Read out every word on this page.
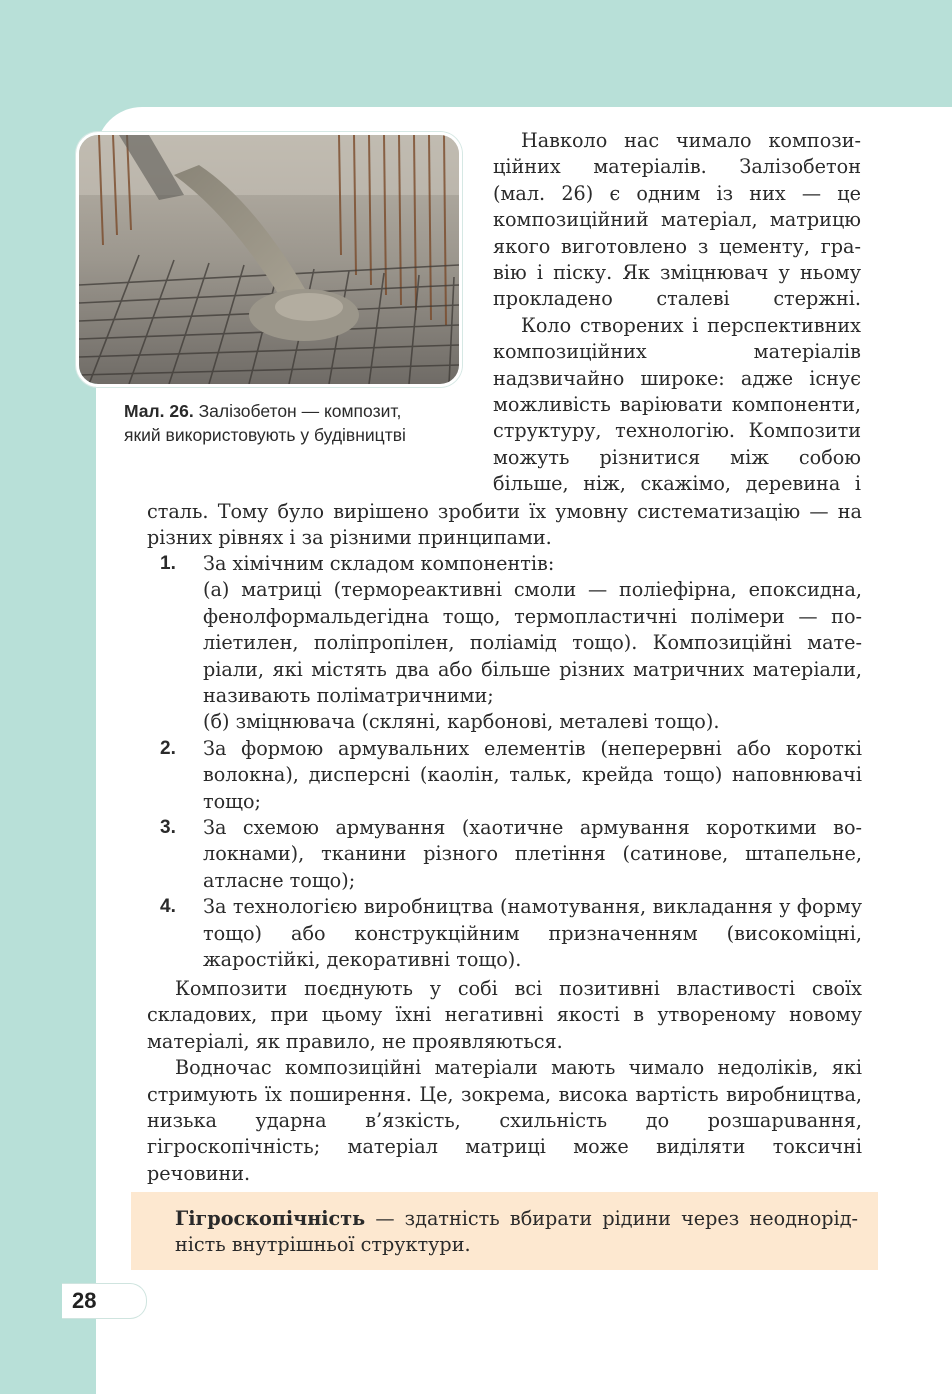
Мал. 26. Залізобетон — композит,
який використовують у будівництві

Навколо нас чимало композиційних матеріалів. Залізобетон (мал. 26) є одним із них — це композиційний матеріал, матрицю якого виготовлено з цементу, гравію і піску. Як зміцнювач у ньому прокладено сталеві стержні.

Коло створених і перспективних композиційних матеріалів надзвичайно широке: адже існує можливість варіювати компоненти, структуру, технологію. Композити можуть різнитися між собою більше, ніж, скажімо, деревина і

сталь. Тому було вирішено зробити їх умовну систематизацію — на різних рівнях і за різними принципами.

1. За хімічним складом компонентів:

(а) матриці (термореактивні смоли — поліефірна, епоксидна, фенолформальдегідна тощо, термопластичні полімери — поліетилен, поліпропілен, поліамід тощо). Композиційні матеріали, які містять два або більше різних матричних матеріали, називають поліматричними;

(б) зміцнювача (скляні, карбонові, металеві тощо).

2. За формою армувальних елементів (неперервні або короткі волокна), дисперсні (каолін, тальк, крейда тощо) наповнювачі тощо;

3. За схемою армування (хаотичне армування короткими волокнами), тканини різного плетіння (сатинове, штапельне, атласне тощо);

4. За технологією виробництва (намотування, викладання у форму тощо) або конструкційним призначенням (високоміцні, жаростійкі, декоративні тощо).

Композити поєднують у собі всі позитивні властивості своїх складових, при цьому їхні негативні якості в утвореному новому матеріалі, як правило, не проявляються.

Водночас композиційні матеріали мають чимало недоліків, які стримують їх поширення. Це, зокрема, висока вартість виробництва, низька ударна в’язкість, схильність до розшарuвання, гігроскопічність; матеріал матриці може виділяти токсичні речовини.

Гігроскопічність — здатність вбирати рідини через неоднорідність внутрішньої структури.

28
